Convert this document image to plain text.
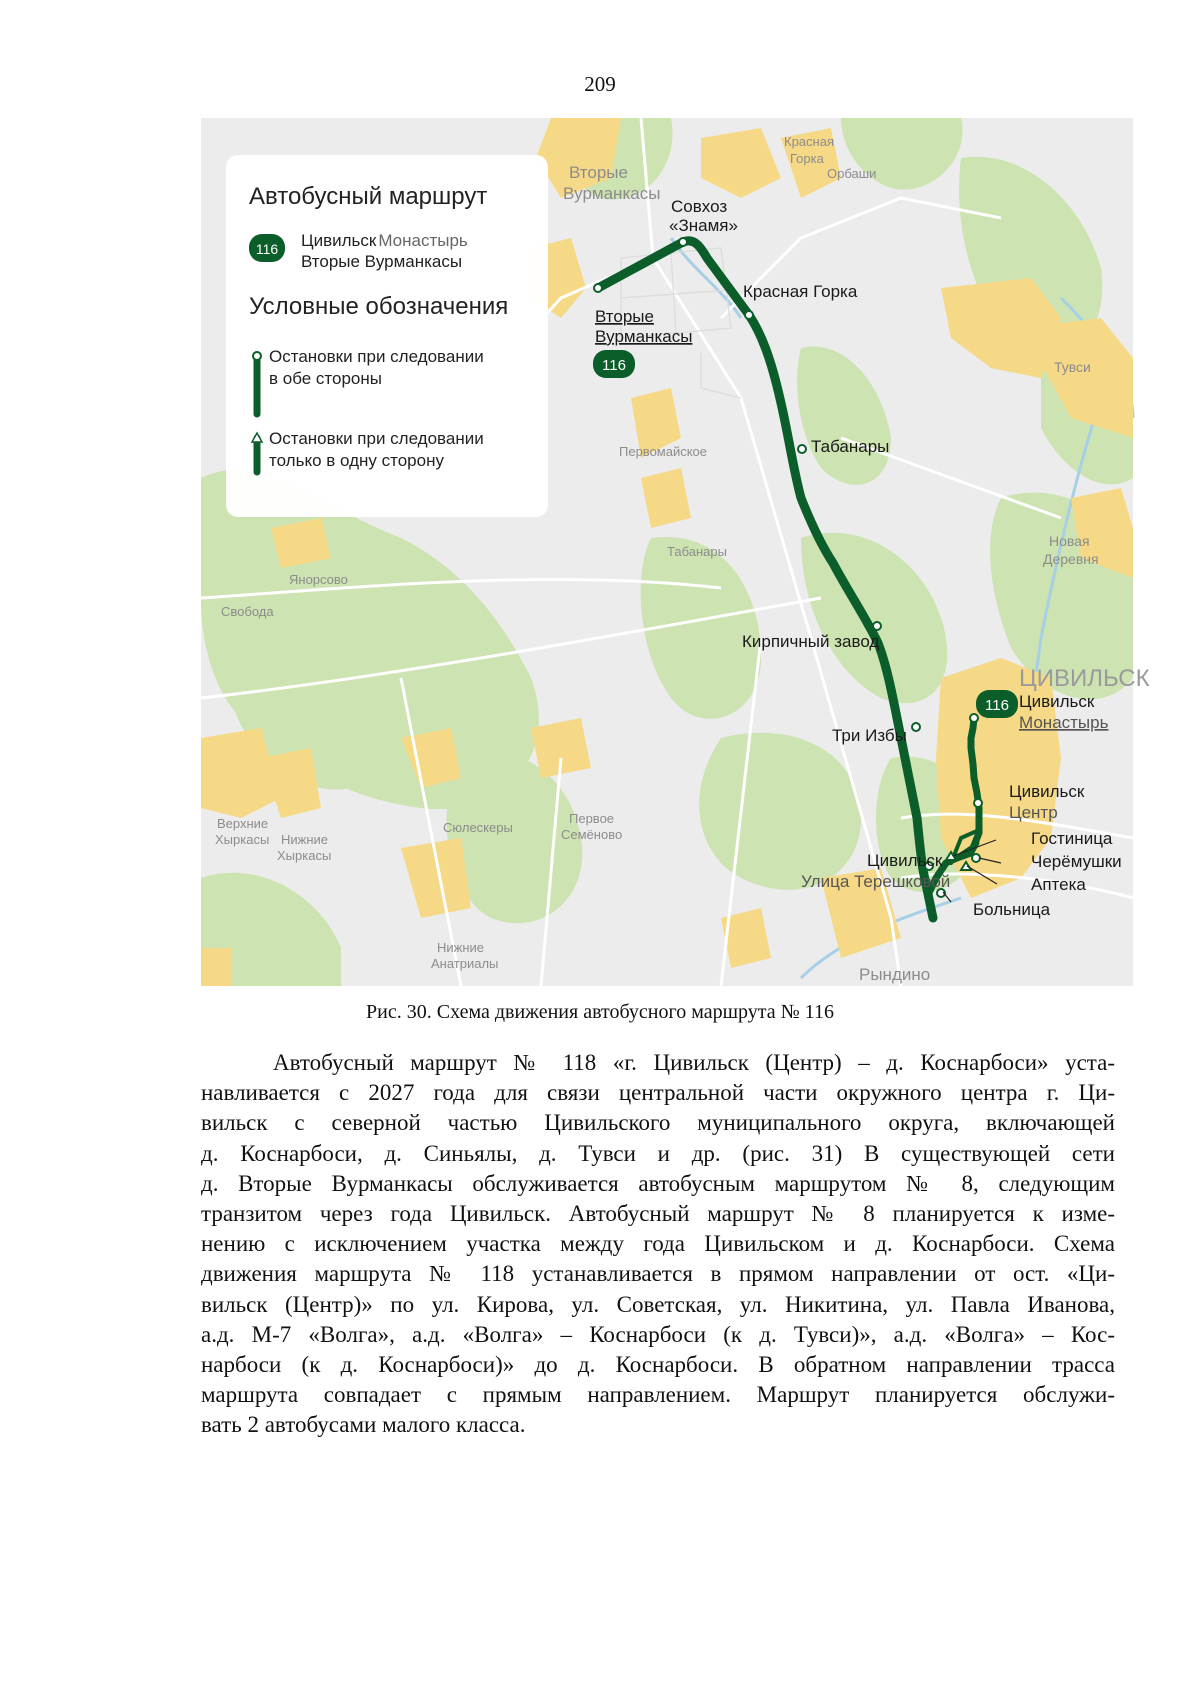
209
Вторые Вурманкасы
Красная Горка
Орбаши
Тувси
Первомайское
Табанары
Янорсово
Свобода
Новая Деревня
ЦИВИЛЬСК
Верхние Хыркасы Нижние Хыркасы
Сюлескеры
Первое Семёново
Нижние Анатриалы
Рындино
Вторые Вурманкасы
Совхоз «Знамя»
Красная Горка
Табанары
Кирпичный завод
Три Избы
Цивильск
Улица Терешковой
Цивильск
Монастырь
Цивильск
Центр
Гостиница
Черёмушки
Аптека
Больница
116
116
Автобусный маршрут
116 Цивильск Монастырь
Вторые Вурманкасы
Условные обозначения
Остановки при следовании в обе стороны
Остановки при следовании только в одну сторону
Рис. 30. Схема движения автобусного маршрута № 116
Автобусный маршрут № 118 «г. Цивильск (Центр) – д. Коснарбоси» уста-
навливается с 2027 года для связи центральной части окружного центра г. Ци-
вильск с северной частью Цивильского муниципального округа, включающей
д. Коснарбоси, д. Синьялы, д. Тувси и др. (рис. 31) В существующей сети
д. Вторые Вурманкасы обслуживается автобусным маршрутом № 8, следующим
транзитом через года Цивильск. Автобусный маршрут № 8 планируется к изме-
нению с исключением участка между года Цивильском и д. Коснарбоси. Схема
движения маршрута № 118 устанавливается в прямом направлении от ост. «Ци-
вильск (Центр)» по ул. Кирова, ул. Советская, ул. Никитина, ул. Павла Иванова,
а.д. М-7 «Волга», а.д. «Волга» – Коснарбоси (к д. Тувси)», а.д. «Волга» – Кос-
нарбоси (к д. Коснарбоси)» до д. Коснарбоси. В обратном направлении трасса
маршрута совпадает с прямым направлением. Маршрут планируется обслужи-
вать 2 автобусами малого класса.
